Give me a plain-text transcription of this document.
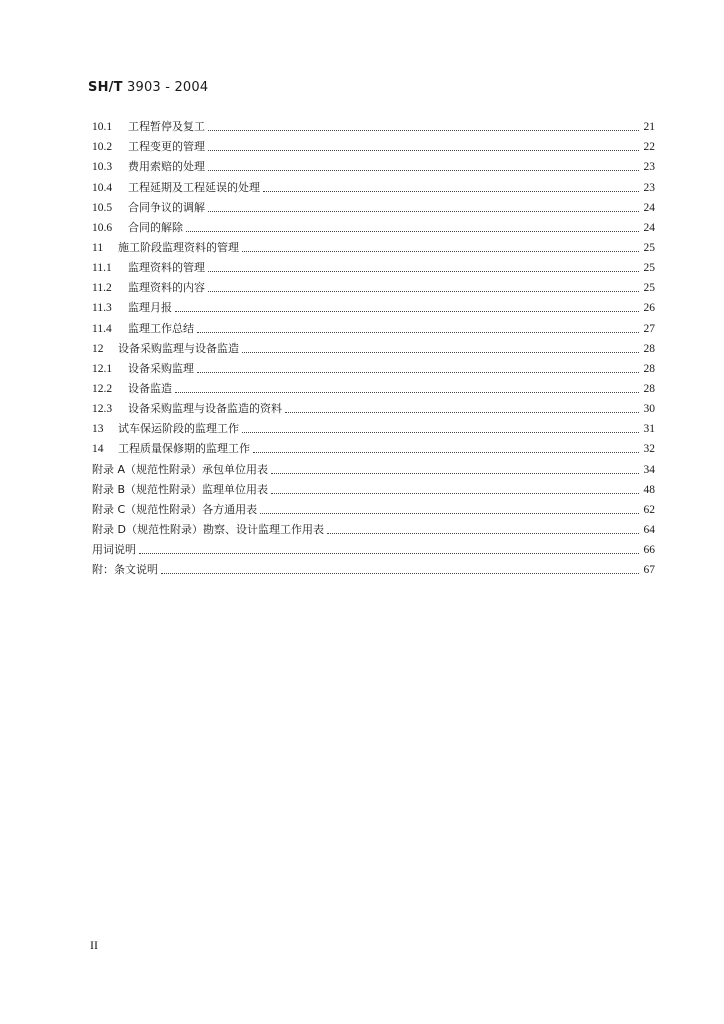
SH/T 3903 - 2004
10.1	工程暂停及复工	21
10.2	工程变更的管理	22
10.3	费用索赔的处理	23
10.4	工程延期及工程延误的处理	23
10.5	合同争议的调解	24
10.6	合同的解除	24
11	施工阶段监理资料的管理	25
11.1	监理资料的管理	25
11.2	监理资料的内容	25
11.3	监理月报	26
11.4	监理工作总结	27
12	设备采购监理与设备监造	28
12.1	设备采购监理	28
12.2	设备监造	28
12.3	设备采购监理与设备监造的资料	30
13	试车保运阶段的监理工作	31
14	工程质量保修期的监理工作	32
附录 A（规范性附录）承包单位用表	34
附录 B（规范性附录）监理单位用表	48
附录 C（规范性附录）各方通用表	62
附录 D（规范性附录）勘察、设计监理工作用表	64
用词说明	66
附：条文说明	67
II
